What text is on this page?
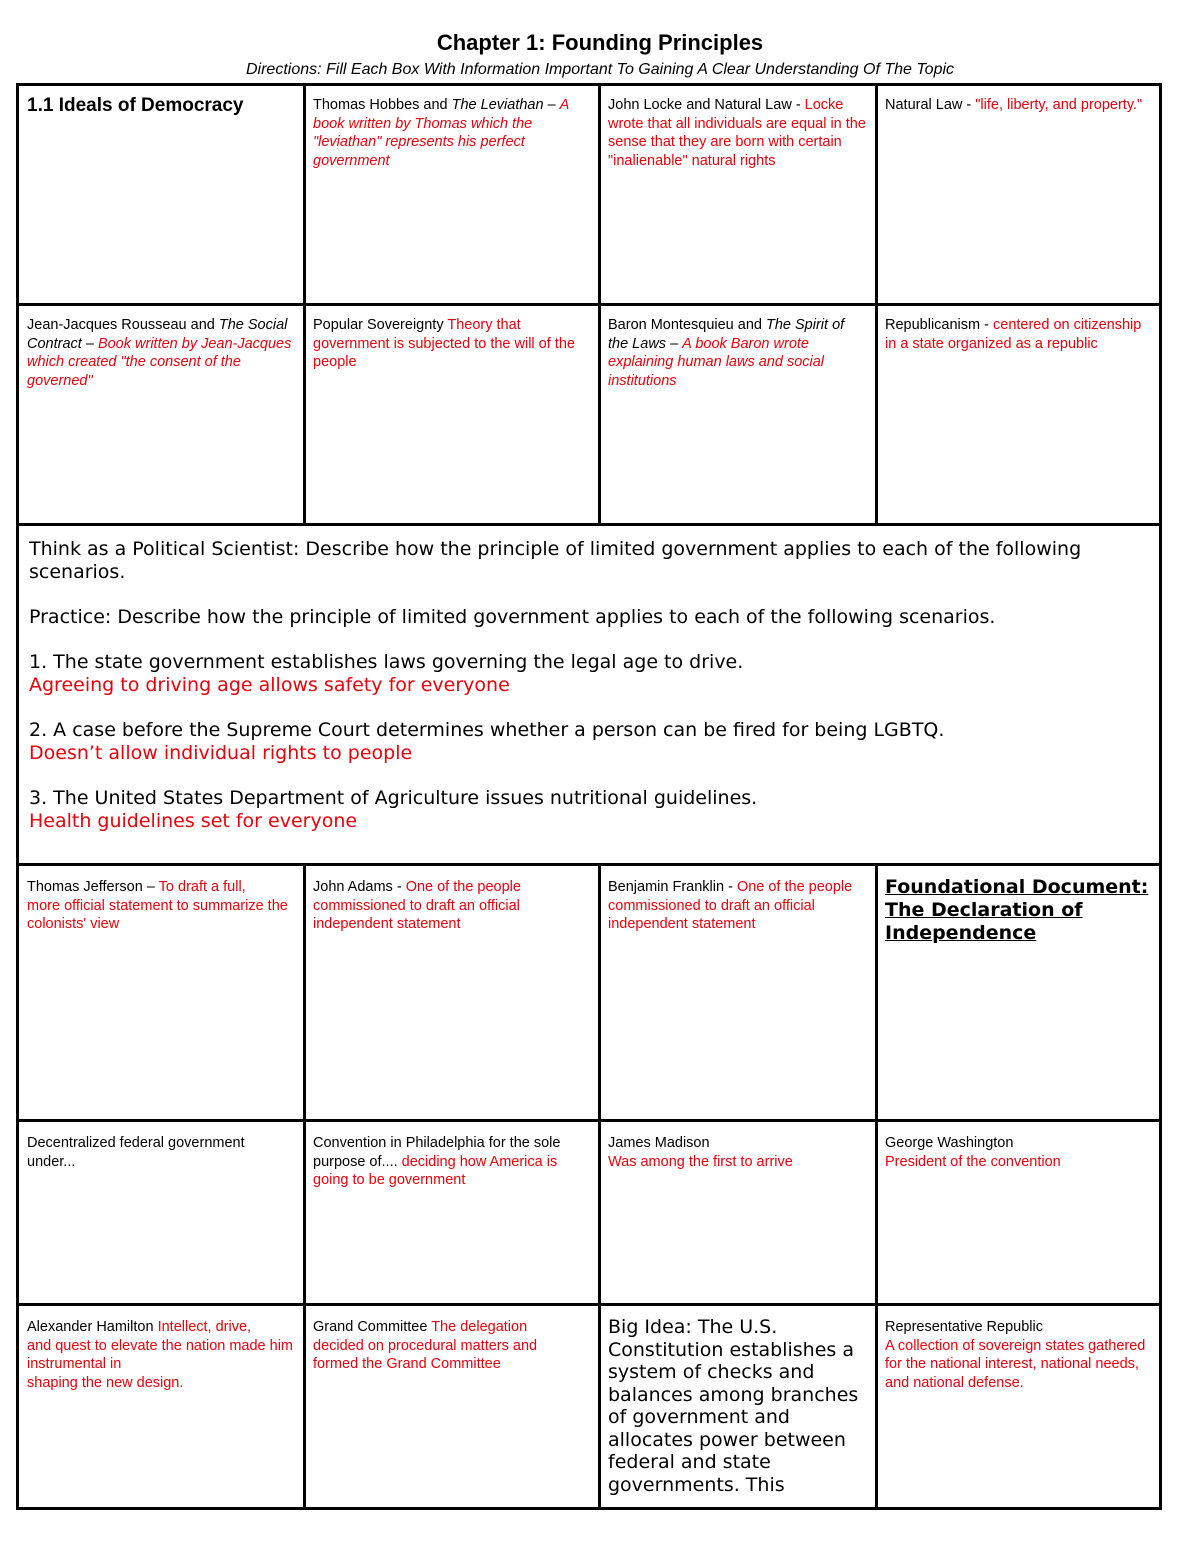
Chapter 1: Founding Principles
Directions: Fill Each Box With Information Important To Gaining A Clear Understanding Of The Topic
1.1 Ideals of Democracy	Thomas Hobbes and The Leviathan – A book written by Thomas which the "leviathan" represents his perfect government
John Locke and Natural Law - Locke wrote that all individuals are equal in the sense that they are born with certain "inalienable" natural rights
Natural Law - "life, liberty, and property."
Jean-Jacques Rousseau and The Social Contract – Book written by Jean-Jacques which created "the consent of the governed"
Popular Sovereignty Theory that government is subjected to the will of the people
Baron Montesquieu and The Spirit of the Laws – A book Baron wrote explaining human laws and social institutions
Republicanism - centered on citizenship in a state organized as a republic

Think as a Political Scientist: Describe how the principle of limited government applies to each of the following scenarios.

Practice: Describe how the principle of limited government applies to each of the following scenarios.

1. The state government establishes laws governing the legal age to drive.
Agreeing to driving age allows safety for everyone

2. A case before the Supreme Court determines whether a person can be fired for being LGBTQ.
Doesn’t allow individual rights to people

3. The United States Department of Agriculture issues nutritional guidelines.
Health guidelines set for everyone

Thomas Jefferson – To draft a full,
more official statement to summarize the
colonists' view
John Adams - One of the people commissioned to draft an official independent statement
Benjamin Franklin - One of the people commissioned to draft an official independent statement
Foundational Document:
The Declaration of Independence
Decentralized federal government under...
Convention in Philadelphia for the sole purpose of.... deciding how America is going to be government
James Madison
Was among the first to arrive
George Washington
President of the convention
Alexander Hamilton Intellect, drive,
and quest to elevate the nation made him instrumental in
shaping the new design.
Grand Committee The delegation decided on procedural matters and formed the Grand Committee
Big Idea: The U.S. Constitution establishes a system of checks and balances among branches of government and allocates power between federal and state governments. This
Representative Republic
A collection of sovereign states gathered for the national interest, national needs, and national defense.
